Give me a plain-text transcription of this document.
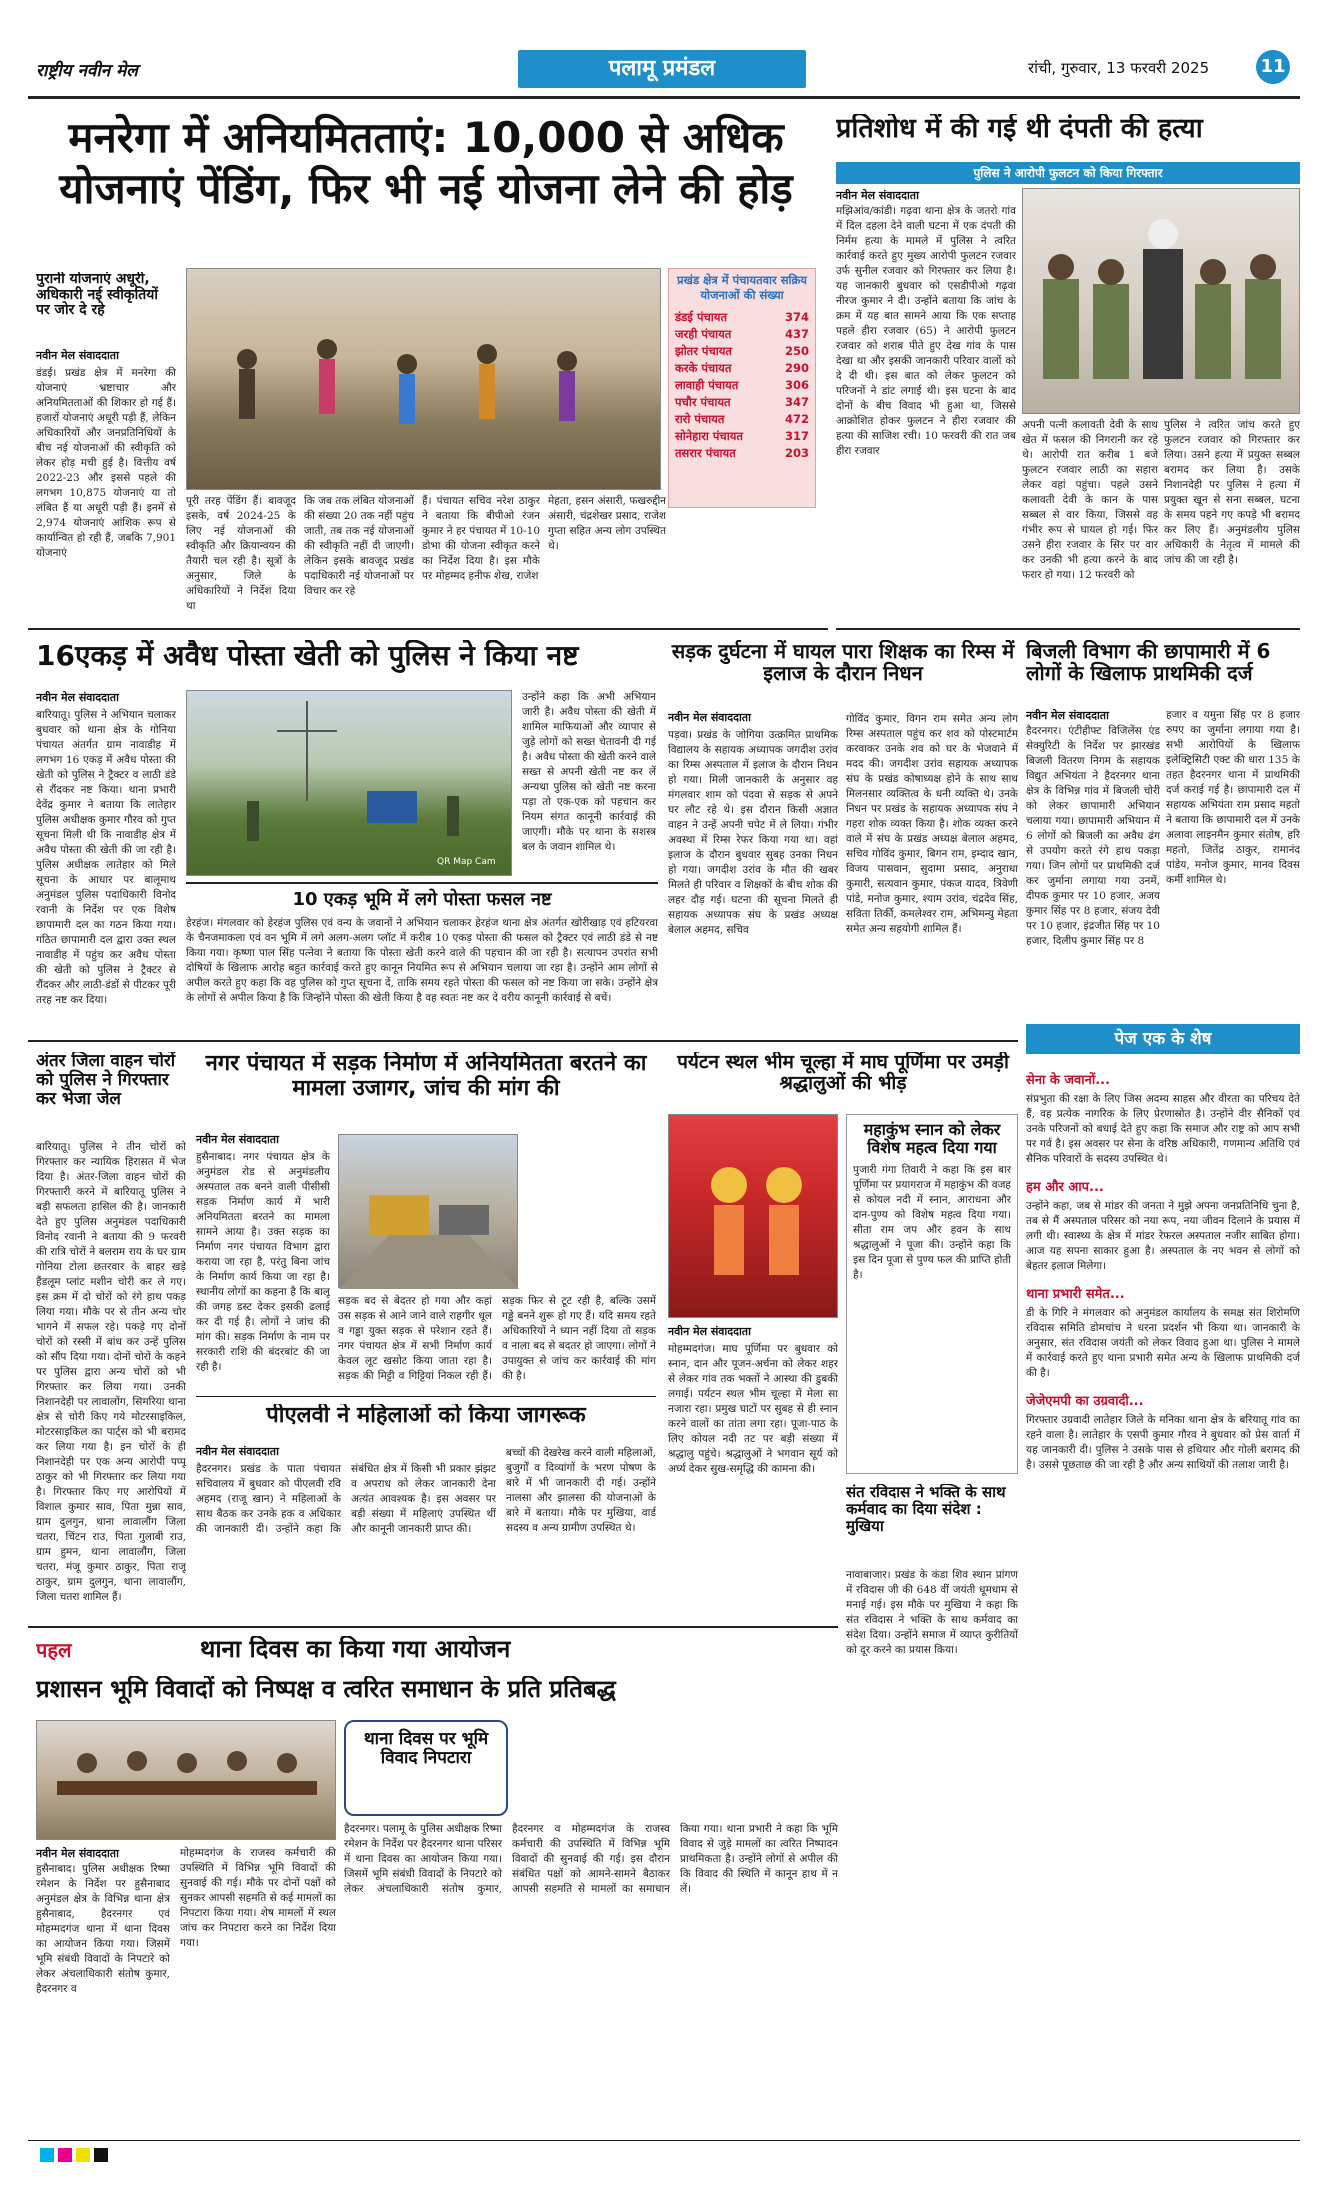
राष्ट्रीय नवीन मेल	पलामू प्रमंडल	रांची, गुरुवार, 13 फरवरी 2025	11
मनरेगा में अनियमितताएं: 10,000 से अधिक योजनाएं पेंडिंग, फिर भी नई योजना लेने की होड़
पुरानी योजनाएं अधूरी, अधिकारी नई स्वीकृतियों पर जोर दे रहे
नवीन मेल संवाददाता
डंडई। प्रखंड क्षेत्र में मनरेगा की योजनाएं भ्रष्टाचार और अनियमितताओं की शिकार हो गई हैं। हजारों योजनाएं अधूरी पड़ी हैं, लेकिन अधिकारियों और जनप्रतिनिधियों के बीच नई योजनाओं की स्वीकृति को लेकर होड़ मची हुई है। वित्तीय वर्ष 2022-23 और इससे पहले की लगभग 10,875 योजनाएं या तो लंबित हैं या अधूरी पड़ी हैं। इनमें से 2,974 योजनाएं आंशिक रूप से कार्यान्वित हो रही हैं, जबकि 7,901 योजनाएं
पूरी तरह पेंडिंग हैं। बावजूद इसके, वर्ष 2024-25 के लिए नई योजनाओं की स्वीकृति और क्रियान्वयन की तैयारी चल रही है। सूत्रों के अनुसार, जिले के अधिकारियों ने निर्देश दिया था
कि जब तक लंबित योजनाओं की संख्या 20 तक नहीं पहुंच जाती, तब तक नई योजनाओं की स्वीकृति नहीं दी जाएगी। लेकिन इसके बावजूद प्रखंड पदाधिकारी नई योजनाओं पर विचार कर रहे
हैं। पंचायत सचिव नरेश ठाकुर ने बताया कि बीपीओ रंजन कुमार ने हर पंचायत में 10-10 डोभा की योजना स्वीकृत करने का निर्देश दिया है। इस मौके पर मोहम्मद हनीफ शेख, राजेश
मेहता, हसन अंसारी, फखरुद्दीन अंसारी, चंद्रशेखर प्रसाद, राजेश गुप्ता सहित अन्य लोग उपस्थित थे।
प्रखंड क्षेत्र में पंचायतवार सक्रिय योजनाओं की संख्या
डंडई पंचायत	374
जरही पंचायत	437
झोतर पंचायत	250
करके पंचायत	290
लावाही पंचायत	306
पचौर पंचायत	347
रारो पंचायत	472
सोनेहारा पंचायत	317
तसरार पंचायत	203
प्रतिशोध में की गई थी दंपती की हत्या
पुलिस ने आरोपी फुलटन को किया गिरफ्तार
नवीन मेल संवाददाता
मझिआंव/कांडी। गढ़वा थाना क्षेत्र के जतरो गांव में दिल दहला देने वाली घटना में एक दंपती की निर्मम हत्या के मामले में पुलिस ने त्वरित कार्रवाई करते हुए मुख्य आरोपी फुलटन रजवार उर्फ सुनील रजवार को गिरफ्तार कर लिया है। यह जानकारी बुधवार को एसडीपीओ गढ़वा नीरज कुमार ने दी। उन्होंने बताया कि जांच के क्रम में यह बात सामने आया कि एक सप्ताह पहले हीरा रजवार (65) ने आरोपी फुलटन रजवार को शराब पीते हुए देख गांव के पास देखा था और इसकी जानकारी परिवार वालों को दे दी थी। इस बात को लेकर फुलटन को परिजनों ने डांट लगाई थी। इस घटना के बाद दोनों के बीच विवाद भी हुआ था, जिससे आक्रोशित होकर फुलटन ने हीरा रजवार की हत्या की साजिश रची। 10 फरवरी की रात जब हीरा रजवार
अपनी पत्नी कलावती देवी के साथ खेत में फसल की निगरानी कर रहे थे। आरोपी रात करीब 1 बजे फुलटन रजवार लाठी का सहारा लेकर वहां पहुंचा। पहले उसने कलावती देवी के कान के पास सब्बल से वार किया, जिससे वह गंभीर रूप से घायल हो गई। फिर उसने हीरा रजवार के सिर पर वार कर उनकी भी हत्या करने के बाद फरार हो गया। 12 फरवरी को
पुलिस ने त्वरित जांच करते हुए फुलटन रजवार को गिरफ्तार कर लिया। उसने हत्या में प्रयुक्त सब्बल बरामद कर लिया है। उसके निशानदेही पर पुलिस ने हत्या में प्रयुक्त खून से सना सब्बल, घटना के समय पहने गए कपड़े भी बरामद कर लिए हैं। अनुमंडलीय पुलिस अधिकारी के नेतृत्व में मामले की जांच की जा रही है।
16एकड़ में अवैध पोस्ता खेती को पुलिस ने किया नष्ट
नवीन मेल संवाददाता
बारियातू। पुलिस ने अभियान चलाकर बुधवार को थाना क्षेत्र के गोनिया पंचायत अंतर्गत ग्राम नावाडीह में लगभग 16 एकड़ में अवैध पोस्ता की खेती को पुलिस ने ट्रैक्टर व लाठी डंडे से रौंदकर नष्ट किया। थाना प्रभारी देवेंद्र कुमार ने बताया कि लातेहार पुलिस अधीक्षक कुमार गौरव को गुप्त सूचना मिली थी कि नावाडीह क्षेत्र में अवैध पोस्ता की खेती की जा रही है। पुलिस अधीक्षक लातेहार को मिले सूचना के आधार पर बालूमाथ अनुमंडल पुलिस पदाधिकारी विनोद रवानी के निर्देश पर एक विशेष छापामारी दल का गठन किया गया। गठित छापामारी दल द्वारा उक्त स्थल नावाडीह में पहुंच कर अवैध पोस्ता की खेती को पुलिस ने ट्रैक्टर से रौंदकर और लाठी-डंडों से पीटकर पूरी तरह नष्ट कर दिया।
QR Map Cam
उन्होंने कहा कि अभी अभियान जारी है। अवैध पोस्ता की खेती में शामिल माफियाओं और व्यापार से जुड़े लोगों को सख्त चेतावनी दी गई है। अवैध पोस्ता की खेती करने वाले सख्त से अपनी खेती नष्ट कर लें अन्यथा पुलिस को खेती नष्ट करना पड़ा तो एक-एक को पहचान कर नियम संगत कानूनी कार्रवाई की जाएगी। मौके पर थाना के सशस्त्र बल के जवान शामिल थे।
10 एकड़ भूमि में लगे पोस्ता फसल नष्ट
हेरहंज। मंगलवार को हेरहंज पुलिस एवं वन्य के जवानों ने अभियान चलाकर हेरहंज थाना क्षेत्र अंतर्गत खोरीखाड़ एवं हटियरवा के चैनजमाकला एवं वन भूमि में लगे अलग-अलग प्लॉट में करीब 10 एकड़ पोस्ता की फसल को ट्रैक्टर एवं लाठी डंडे से नष्ट किया गया। कृष्णा पाल सिंह पत्नेवा ने बताया कि पोस्ता खेती करने वाले की पहचान की जा रही है। सत्यापन उपरांत सभी दोषियों के खिलाफ आरोह बहुत कार्रवाई करते हुए कानून नियमित रूप से अभियान चलाया जा रहा है। उन्होंने आम लोगों से अपील करते हुए कहा कि वह पुलिस को गुप्त सूचना दें, ताकि समय रहते पोस्ता की फसल को नष्ट किया जा सके। उन्होंने क्षेत्र के लोगों से अपील किया है कि जिन्होंने पोस्ता की खेती किया है वह स्वतः नष्ट कर दे वरीय कानूनी कार्रवाई से बचें।
सड़क दुर्घटना में घायल पारा शिक्षक का रिम्स में इलाज के दौरान निधन
नवीन मेल संवाददाता
पड़वा। प्रखंड के जोगिया उत्क्रमित प्राथमिक विद्यालय के सहायक अध्यापक जगदीश उरांव का रिम्स अस्पताल में इलाज के दौरान निधन हो गया। मिली जानकारी के अनुसार वह मंगलवार शाम को पंदवा से सड़क से अपने घर लौट रहे थे। इस दौरान किसी अज्ञात वाहन ने उन्हें अपनी चपेट में ले लिया। गंभीर अवस्था में रिम्स रेफर किया गया था। वहां इलाज के दौरान बुधवार सुबह उनका निधन हो गया। जगदीश उरांव के मौत की खबर मिलते ही परिवार व शिक्षकों के बीच शोक की लहर दौड़ गई। घटना की सूचना मिलते ही सहायक अध्यापक संघ के प्रखंड अध्यक्ष बेलाल अहमद, सचिव
गोविंद कुमार, विगन राम समेत अन्य लोग रिम्स अस्पताल पहुंच कर शव को पोस्टमार्टम करवाकर उनके शव को घर के भेजवाने में मदद की। जगदीश उरांव सहायक अध्यापक संघ के प्रखंड कोषाध्यक्ष होने के साथ साथ मिलनसार व्यक्तित्व के धनी व्यक्ति थे। उनके निधन पर प्रखंड के सहायक अध्यापक संघ ने गहरा शोक व्यक्त किया है। शोक व्यक्त करने वाले में संघ के प्रखंड अध्यक्ष बेलाल अहमद, सचिव गोविंद कुमार, बिगन राम, इम्दाद खान, विजय पासवान, सुदामा प्रसाद, अनुराधा कुमारी, सत्यवान कुमार, पंकज यादव, त्रिवेणी पांडे, मनोज कुमार, श्याम उरांव, चंद्रदेव सिंह, सविता तिर्की, कमलेश्वर राम, अभिमन्यु मेहता समेत अन्य सहयोगी शामिल हैं।
बिजली विभाग की छापामारी में 6 लोगों के खिलाफ प्राथमिकी दर्ज
नवीन मेल संवाददाता
हैदरनगर। एंटीहीफ्ट विजिलेंस एंड सेक्युरिटी के निर्देश पर झारखंड बिजली वितरण निगम के सहायक विद्युत अभियंता ने हैदरनगर थाना क्षेत्र के विभिन्न गांव में बिजली चोरी को लेकर छापामारी अभियान चलाया गया। छापामारी अभियान में 6 लोगों को बिजली का अवैध ढंग से उपयोग करते रंगे हाथ पकड़ा गया। जिन लोगों पर प्राथमिकी दर्ज कर जुर्माना लगाया गया उनमें, दीपक कुमार पर 10 हजार, अजय कुमार सिंह पर 8 हजार, संजय देवी पर 10 हजार, इंद्रजीत सिंह पर 10 हजार, दिलीप कुमार सिंह पर 8
हजार व यमुना सिंह पर 8 हजार रुपए का जुर्माना लगाया गया है। सभी आरोपियों के खिलाफ इलेक्ट्रिसिटी एक्ट की धारा 135 के तहत हैदरनगर थाना में प्राथमिकी दर्ज कराई गई है। छापामारी दल में सहायक अभियंता राम प्रसाद महतो ने बताया कि छापामारी दल में उनके अलावा लाइनमैन कुमार संतोष, हरि महतो, जितेंद्र ठाकुर, रामानंद पांडेय, मनोज कुमार, मानव दिवस कर्मी शामिल थे।
पेज एक के शेष
सेना के जवानों...
संप्रभुता की रक्षा के लिए जिस अदम्य साहस और वीरता का परिचय देते हैं, वह प्रत्येक नागरिक के लिए प्रेरणास्रोत है। उन्होंने वीर सैनिकों एवं उनके परिजनों को बधाई देते हुए कहा कि समाज और राष्ट्र को आप सभी पर गर्व है। इस अवसर पर सेना के वरिष्ठ अधिकारी, गणमान्य अतिथि एवं सैनिक परिवारों के सदस्य उपस्थित थे।
हम और आप...
उन्होंने कहा, जब से मांडर की जनता ने मुझे अपना जनप्रतिनिधि चुना है, तब से मैं अस्पताल परिसर को नया रूप, नया जीवन दिलाने के प्रयास में लगी थी। स्वास्थ्य के क्षेत्र में मांडर रेफरल अस्पताल नजीर साबित होगा। आज यह सपना साकार हुआ है। अस्पताल के नए भवन से लोगों को बेहतर इलाज मिलेगा।
थाना प्रभारी समेत...
डी के गिरि ने मंगलवार को अनुमंडल कार्यालय के समक्ष संत शिरोमणि रविदास समिति डोमचांच ने धरना प्रदर्शन भी किया था। जानकारी के अनुसार, संत रविदास जयंती को लेकर विवाद हुआ था। पुलिस ने मामले में कार्रवाई करते हुए थाना प्रभारी समेत अन्य के खिलाफ प्राथमिकी दर्ज की है।
जेजेएमपी का उग्रवादी...
गिरफ्तार उग्रवादी लातेहार जिले के मनिका थाना क्षेत्र के बरियातू गांव का रहने वाला है। लातेहार के एसपी कुमार गौरव ने बुधवार को प्रेस वार्ता में यह जानकारी दी। पुलिस ने उसके पास से हथियार और गोली बरामद की है। उससे पूछताछ की जा रही है और अन्य साथियों की तलाश जारी है।
अंतर जिला वाहन चोरों को पुलिस ने गिरफ्तार कर भेजा जेल
बारियातू। पुलिस ने तीन चोरों को गिरफ्तार कर न्यायिक हिरासत में भेज दिया है। अंतर-जिला वाहन चोरों की गिरफ्तारी करने में बारियातू पुलिस ने बड़ी सफलता हासिल की है। जानकारी देते हुए पुलिस अनुमंडल पदाधिकारी विनोद रवानी ने बताया की 9 फरवरी की रात्रि चोरों ने बलराम राय के घर ग्राम गोनिया टोला छतरवार के बाहर खड़े हैंडलूम प्लांट मशीन चोरी कर ले गए। इस क्रम में दो चोरों को रंगे हाथ पकड़ लिया गया। मौके पर से तीन अन्य चोर भागने में सफल रहे। पकड़े गए दोनों चोरों को रस्सी में बांध कर उन्हें पुलिस को सौंप दिया गया। दोनों चोरों के कहने पर पुलिस द्वारा अन्य चोरों को भी गिरफ्तार कर लिया गया। उनकी निशानदेही पर लावालोंग, सिमरिया थाना क्षेत्र से चोरी किए गये मोटरसाइकिल, मोटरसाइकिल का पार्ट्स को भी बरामद कर लिया गया है। इन चोरों के ही निशानदेही पर एक अन्य आरोपी पप्पू ठाकुर को भी गिरफ्तार कर लिया गया है। गिरफ्तार किए गए आरोपियों में विशाल कुमार साव, पिता मुन्ना साव, ग्राम दुलगुन, थाना लावालौंग जिला चतरा, चिंटन राउ, पिता गुलाबी राउ, ग्राम हुमन, थाना लावालौंग, जिला चतरा, मंजू कुमार ठाकुर, पिता राजू ठाकुर, ग्राम दुलगुन, थाना लावालौंग, जिला चतरा शामिल हैं।
नगर पंचायत में सड़क निर्माण में अनियमितता बरतने का मामला उजागर, जांच की मांग की
नवीन मेल संवाददाता
हुसैनाबाद। नगर पंचायत क्षेत्र के अनुमंडल रोड से अनुमंडलीय अस्पताल तक बनने वाली पीसीसी सड़क निर्माण कार्य में भारी अनियमितता बरतने का मामला सामने आया है। उक्त सड़क का निर्माण नगर पंचायत विभाग द्वारा कराया जा रहा है, परंतु बिना जांच के निर्माण कार्य किया जा रहा है। स्थानीय लोगों का कहना है कि बालू की जगह डस्ट देकर इसकी ढलाई कर दी गई है। लोगों ने जांच की मांग की। सड़क निर्माण के नाम पर सरकारी राशि की बंदरबांट की जा रही है।
सड़क बद से बेदतर हो गया और कहां उस सड़क से आने जाने वाले राहगीर धूल व गड्ढा युक्त सड़क से परेशान रहते हैं। नगर पंचायत क्षेत्र में सभी निर्माण कार्य केवल लूट खसोट किया जाता रहा है। सड़क की मिट्टी व गिट्टियां निकल रही हैं। सड़क फिर से टूट रही है, बल्कि उसमें गड्ढे बनने शुरू हो गए हैं। यदि समय रहते अधिकारियों ने ध्यान नहीं दिया तो सड़क व नाला बद से बदतर हो जाएगा। लोगों ने उपायुक्त से जांच कर कार्रवाई की मांग की है।
पीएलवी ने महिलाओं को किया जागरूक
नवीन मेल संवाददाता
हैदरनगर। प्रखंड के पाता पंचायत सचिवालय में बुधवार को पीएलवी रवि अहमद (राजू खान) ने महिलाओं के साथ बैठक कर उनके हक व अधिकार की जानकारी दी। उन्होंने कहा कि संबंधित क्षेत्र में किसी भी प्रकार झंझट व अपराध को लेकर जानकारी देना अत्यंत आवश्यक है। इस अवसर पर बड़ी संख्या में महिलाएं उपस्थित थीं और कानूनी जानकारी प्राप्त की।
बच्चों की देखरेख करने वाली महिलाओं, बुजुर्गों व दिव्यांगों के भरण पोषण के बारे में भी जानकारी दी गई। उन्होंने नालसा और झालसा की योजनाओं के बारे में बताया। मौके पर मुखिया, वार्ड सदस्य व अन्य ग्रामीण उपस्थित थे।
पर्यटन स्थल भीम चूल्हा में माघ पूर्णिमा पर उमड़ी श्रद्धालुओं की भीड़
नवीन मेल संवाददाता
मोहम्मदगंज। माघ पूर्णिमा पर बुधवार को स्नान, दान और पूजन-अर्चना को लेकर शहर से लेकर गांव तक भक्तों ने आस्था की डुबकी लगाई। पर्यटन स्थल भीम चूल्हा में मेला सा नजारा रहा। प्रमुख घाटों पर सुबह से ही स्नान करने वालों का तांता लगा रहा। पूजा-पाठ के लिए कोयल नदी तट पर बड़ी संख्या में श्रद्धालु पहुंचे। श्रद्धालुओं ने भगवान सूर्य को अर्घ्य देकर सुख-समृद्धि की कामना की।
महाकुंभ स्नान को लेकर विशेष महत्व दिया गया
पुजारी गंगा तिवारी ने कहा कि इस बार पूर्णिमा पर प्रयागराज में महाकुंभ की वजह से कोयल नदी में स्नान, आराधना और दान-पुण्य को विशेष महत्व दिया गया। सीता राम जप और हवन के साथ श्रद्धालुओं ने पूजा की। उन्होंने कहा कि इस दिन पूजा से पुण्य फल की प्राप्ति होती है।
संत रविदास ने भक्ति के साथ कर्मवाद का दिया संदेश : मुखिया
नावाबाजार। प्रखंड के कंडा शिव स्थान प्रांगण में रविदास जी की 648 वीं जयंती धूमधाम से मनाई गई। इस मौके पर मुखिया ने कहा कि संत रविदास ने भक्ति के साथ कर्मवाद का संदेश दिया। उन्होंने समाज में व्याप्त कुरीतियों को दूर करने का प्रयास किया।
पहल	थाना दिवस का किया गया आयोजन
प्रशासन भूमि विवादों को निष्पक्ष व त्वरित समाधान के प्रति प्रतिबद्ध
नवीन मेल संवाददाता
हुसैनाबाद। पुलिस अधीक्षक रिष्मा रमेशन के निर्देश पर हुसैनाबाद अनुमंडल क्षेत्र के विभिन्न थाना क्षेत्र हुसैनाबाद, हैदरनगर एवं मोहम्मदगंज थाना में थाना दिवस का आयोजन किया गया। जिसमें भूमि संबंधी विवादों के निपटारे को लेकर अंचलाधिकारी संतोष कुमार, हैदरनगर व
मोहम्मदगंज के राजस्व कर्मचारी की उपस्थिति में विभिन्न भूमि विवादों की सुनवाई की गई। मौके पर दोनों पक्षों को सुनकर आपसी सहमति से कई मामलों का निपटारा किया गया। शेष मामलों में स्थल जांच कर निपटारा करने का निर्देश दिया गया।
थाना दिवस पर भूमि विवाद निपटारा
हैदरनगर। पलामू के पुलिस अधीक्षक रिष्मा रमेशन के निर्देश पर हैदरनगर थाना परिसर में थाना दिवस का आयोजन किया गया। जिसमें भूमि संबंधी विवादों के निपटारे को लेकर अंचलाधिकारी संतोष कुमार, हैदरनगर व मोहम्मदगंज के राजस्व कर्मचारी की उपस्थिति में विभिन्न भूमि विवादों की सुनवाई की गई। इस दौरान संबंधित पक्षों को आमने-सामने बैठाकर आपसी सहमति से मामलों का समाधान किया गया। थाना प्रभारी ने कहा कि भूमि विवाद से जुड़े मामलों का त्वरित निष्पादन प्राथमिकता है। उन्होंने लोगों से अपील की कि विवाद की स्थिति में कानून हाथ में न लें।
